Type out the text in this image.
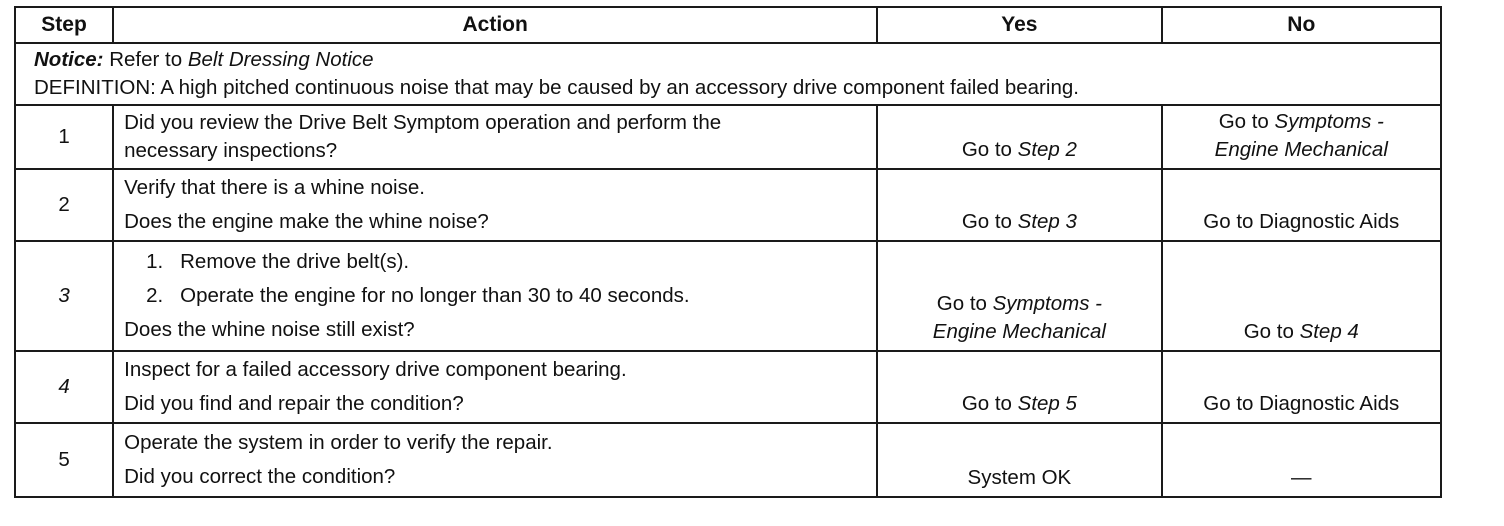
Step	Action	Yes	No

Notice: Refer to Belt Dressing Notice
DEFINITION: A high pitched continuous noise that may be caused by an accessory drive component failed bearing.			

1	Did you review the Drive Belt Symptom operation and perform the
necessary inspections?	Go to Step 2	Go to Symptoms -
Engine Mechanical

2	Verify that there is a whine noise.
Does the engine make the whine noise?	Go to Step 3	Go to Diagnostic Aids
3	1. Remove the drive belt(s).
2. Operate the engine for no longer than 30 to 40 seconds.
Does the whine noise still exist?	Go to Symptoms -
Engine Mechanical	Go to Step 4
4	Inspect for a failed accessory drive component bearing.
Did you find and repair the condition?	Go to Step 5	Go to Diagnostic Aids
5	Operate the system in order to verify the repair.
Did you correct the condition?	System OK	—
